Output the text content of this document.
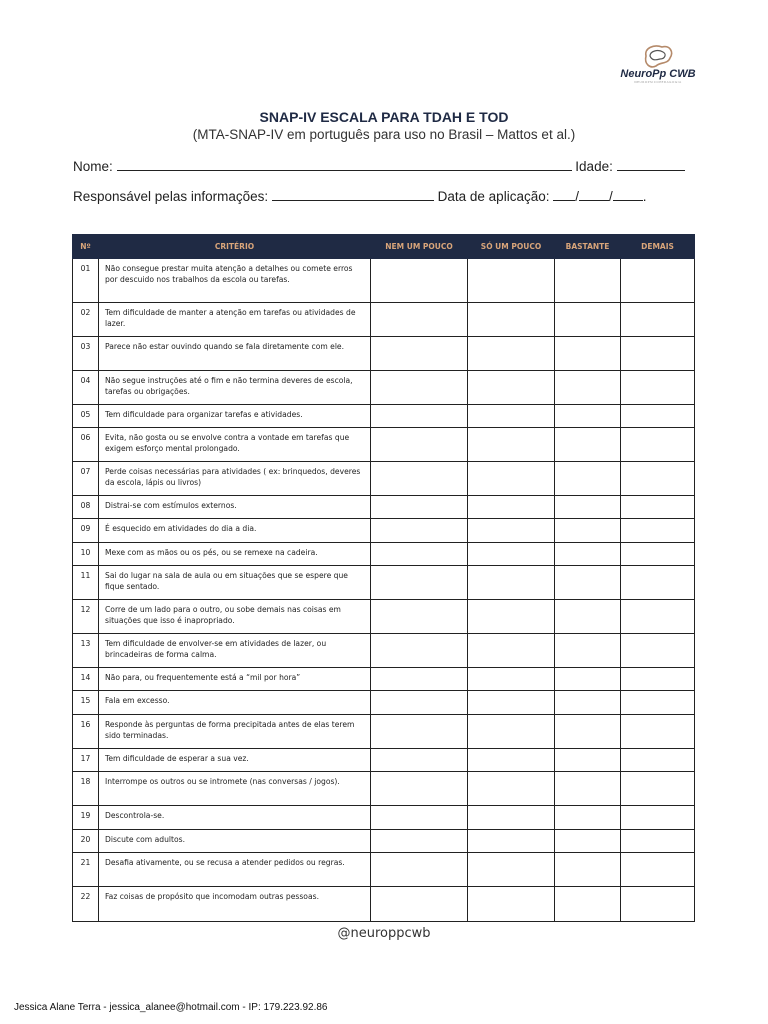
NeuroPp CWB
NEUROPSICOPEDAGOGIA
SNAP-IV ESCALA PARA TDAH E TOD
(MTA-SNAP-IV em português para uso no Brasil – Mattos et al.)
Nome:	Idade:
Responsável pelas informações:	Data de aplicação: / / .
Nº	CRITÉRIO	NEM UM POUCO	SÓ UM POUCO	BASTANTE	DEMAIS
01	Não consegue prestar muita atenção a detalhes ou comete erros por descuido nos trabalhos da escola ou tarefas.				
02	Tem dificuldade de manter a atenção em tarefas ou atividades de lazer.				
03	Parece não estar ouvindo quando se fala diretamente com ele.				
04	Não segue instruções até o fim e não termina deveres de escola, tarefas ou obrigações.				
05	Tem dificuldade para organizar tarefas e atividades.				
06	Evita, não gosta ou se envolve contra a vontade em tarefas que exigem esforço mental prolongado.				
07	Perde coisas necessárias para atividades ( ex: brinquedos, deveres da escola, lápis ou livros)				
08	Distrai-se com estímulos externos.				
09	É esquecido em atividades do dia a dia.				
10	Mexe com as mãos ou os pés, ou se remexe na cadeira.				
11	Sai do lugar na sala de aula ou em situações que se espere que fique sentado.				
12	Corre de um lado para o outro, ou sobe demais nas coisas em situações que isso é inapropriado.				
13	Tem dificuldade de envolver-se em atividades de lazer, ou brincadeiras de forma calma.				
14	Não para, ou frequentemente está a “mil por hora”				
15	Fala em excesso.				
16	Responde às perguntas de forma precipitada antes de elas terem sido terminadas.				
17	Tem dificuldade de esperar a sua vez.				
18	Interrompe os outros ou se intromete (nas conversas / jogos).				
19	Descontrola-se.				
20	Discute com adultos.				
21	Desafia ativamente, ou se recusa a atender pedidos ou regras.				
22	Faz coisas de propósito que incomodam outras pessoas.				
@neuroppcwb
Jessica Alane Terra - jessica_alanee@hotmail.com - IP: 179.223.92.86
